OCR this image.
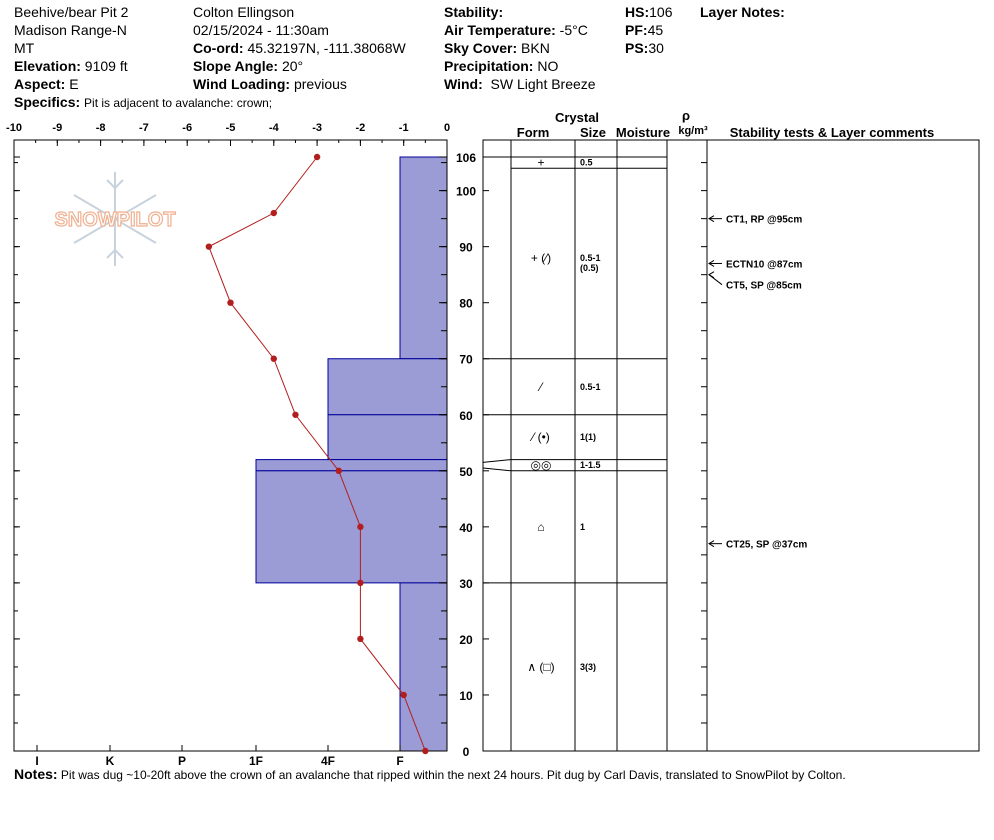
Beehive/bear Pit 2
Madison Range-N
MT
Elevation: 9109 ft
Aspect: E
Specifics: Pit is adjacent to avalanche: crown;
Colton Ellingson
02/15/2024 - 11:30am
Co-ord: 45.32197N, -111.38068W
Slope Angle: 20°
Wind Loading: previous
Stability:
Air Temperature: -5°C
Sky Cover: BKN
Precipitation: NO
Wind: SW Light Breeze
HS:106
PF:45
PS:30
Layer Notes:
SNOWPILOT
-10	-9	-8	-7	-6	-5	-4	-3	-2	-1	0
0
10
20
30
40
50
60
70
80
90
100
106
I	K	P	1F	4F	F
Crystal
Form Size Moisture
ρ
kg/m³ Stability tests & Layer comments
+	0.5
+ (⁄)	0.5-1
(0.5)
⁄	0.5-1
⁄ (•)	1(1)
◎◎	1-1.5
⌂	1
∧ (□)	3(3)
CT1, RP @95cm
ECTN10 @87cm
CT5, SP @85cm
CT25, SP @37cm
Notes: Pit was dug ~10-20ft above the crown of an avalanche that ripped within the next 24 hours. Pit dug by Carl Davis, translated to SnowPilot by Colton.
